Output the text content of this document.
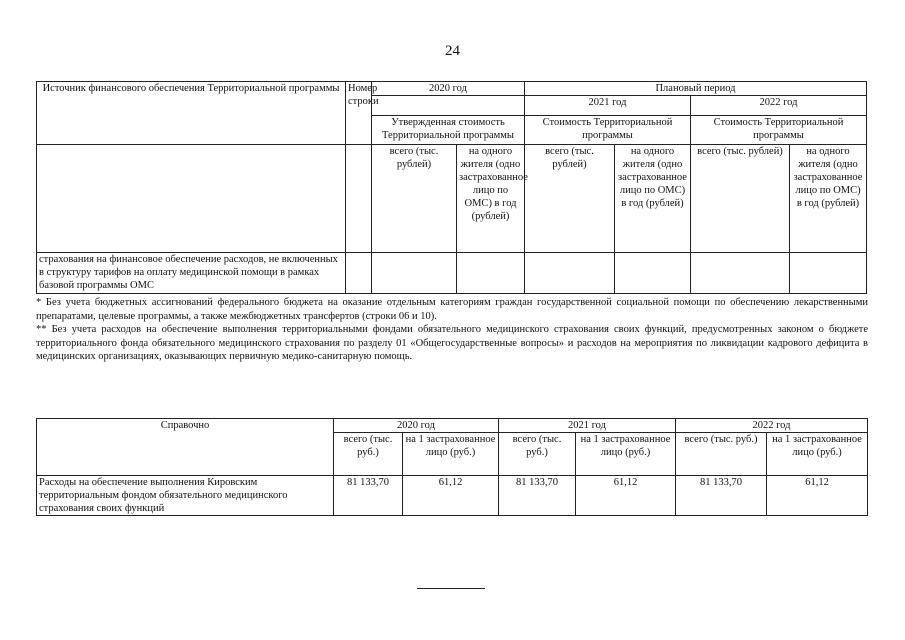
24
Источник финансового обеспечения Территориальной программы	Номер строки	2020 год		Плановый период			
				2021 год		2022 год	
		Утвержденная стоимость Территориальной программы		Стоимость Территориальной программы		Стоимость Территориальной программы	
		всего (тыс. рублей)	на одного жителя (одно застрахованное лицо по ОМС) в год (рублей)	всего (тыс. рублей)	на одного жителя (одно застрахованное лицо по ОМС) в год (рублей)	всего (тыс. рублей)	на одного жителя (одно застрахованное лицо по ОМС) в год (рублей)
страхования на финансовое обеспечение расходов, не включенных в структуру тарифов на оплату медицинской помощи в рамках базовой программы ОМС							

* Без учета бюджетных ассигнований федерального бюджета на оказание отдельным категориям граждан государственной социальной помощи по обеспечению лекарственными препаратами, целевые программы, а также межбюджетных трансфертов (строки 06 и 10).

** Без учета расходов на обеспечение выполнения территориальными фондами обязательного медицинского страхования своих функций, предусмотренных законом о бюджете территориального фонда обязательного медицинского страхования по разделу 01 «Общегосударственные вопросы» и расходов на мероприятия по ликвидации кадрового дефицита в медицинских организациях, оказывающих первичную медико-санитарную помощь.

Справочно	2020 год		2021 год		2022 год	
	всего (тыс. руб.)	на 1 застрахованное лицо (руб.)	всего (тыс. руб.)	на 1 застрахованное лицо (руб.)	всего (тыс. руб.)	на 1 застрахованное лицо (руб.)
Расходы на обеспечение выполнения Кировским территориальным фондом обязательного медицинского страхования своих функций	81 133,70	61,12	81 133,70	61,12	81 133,70	61,12
